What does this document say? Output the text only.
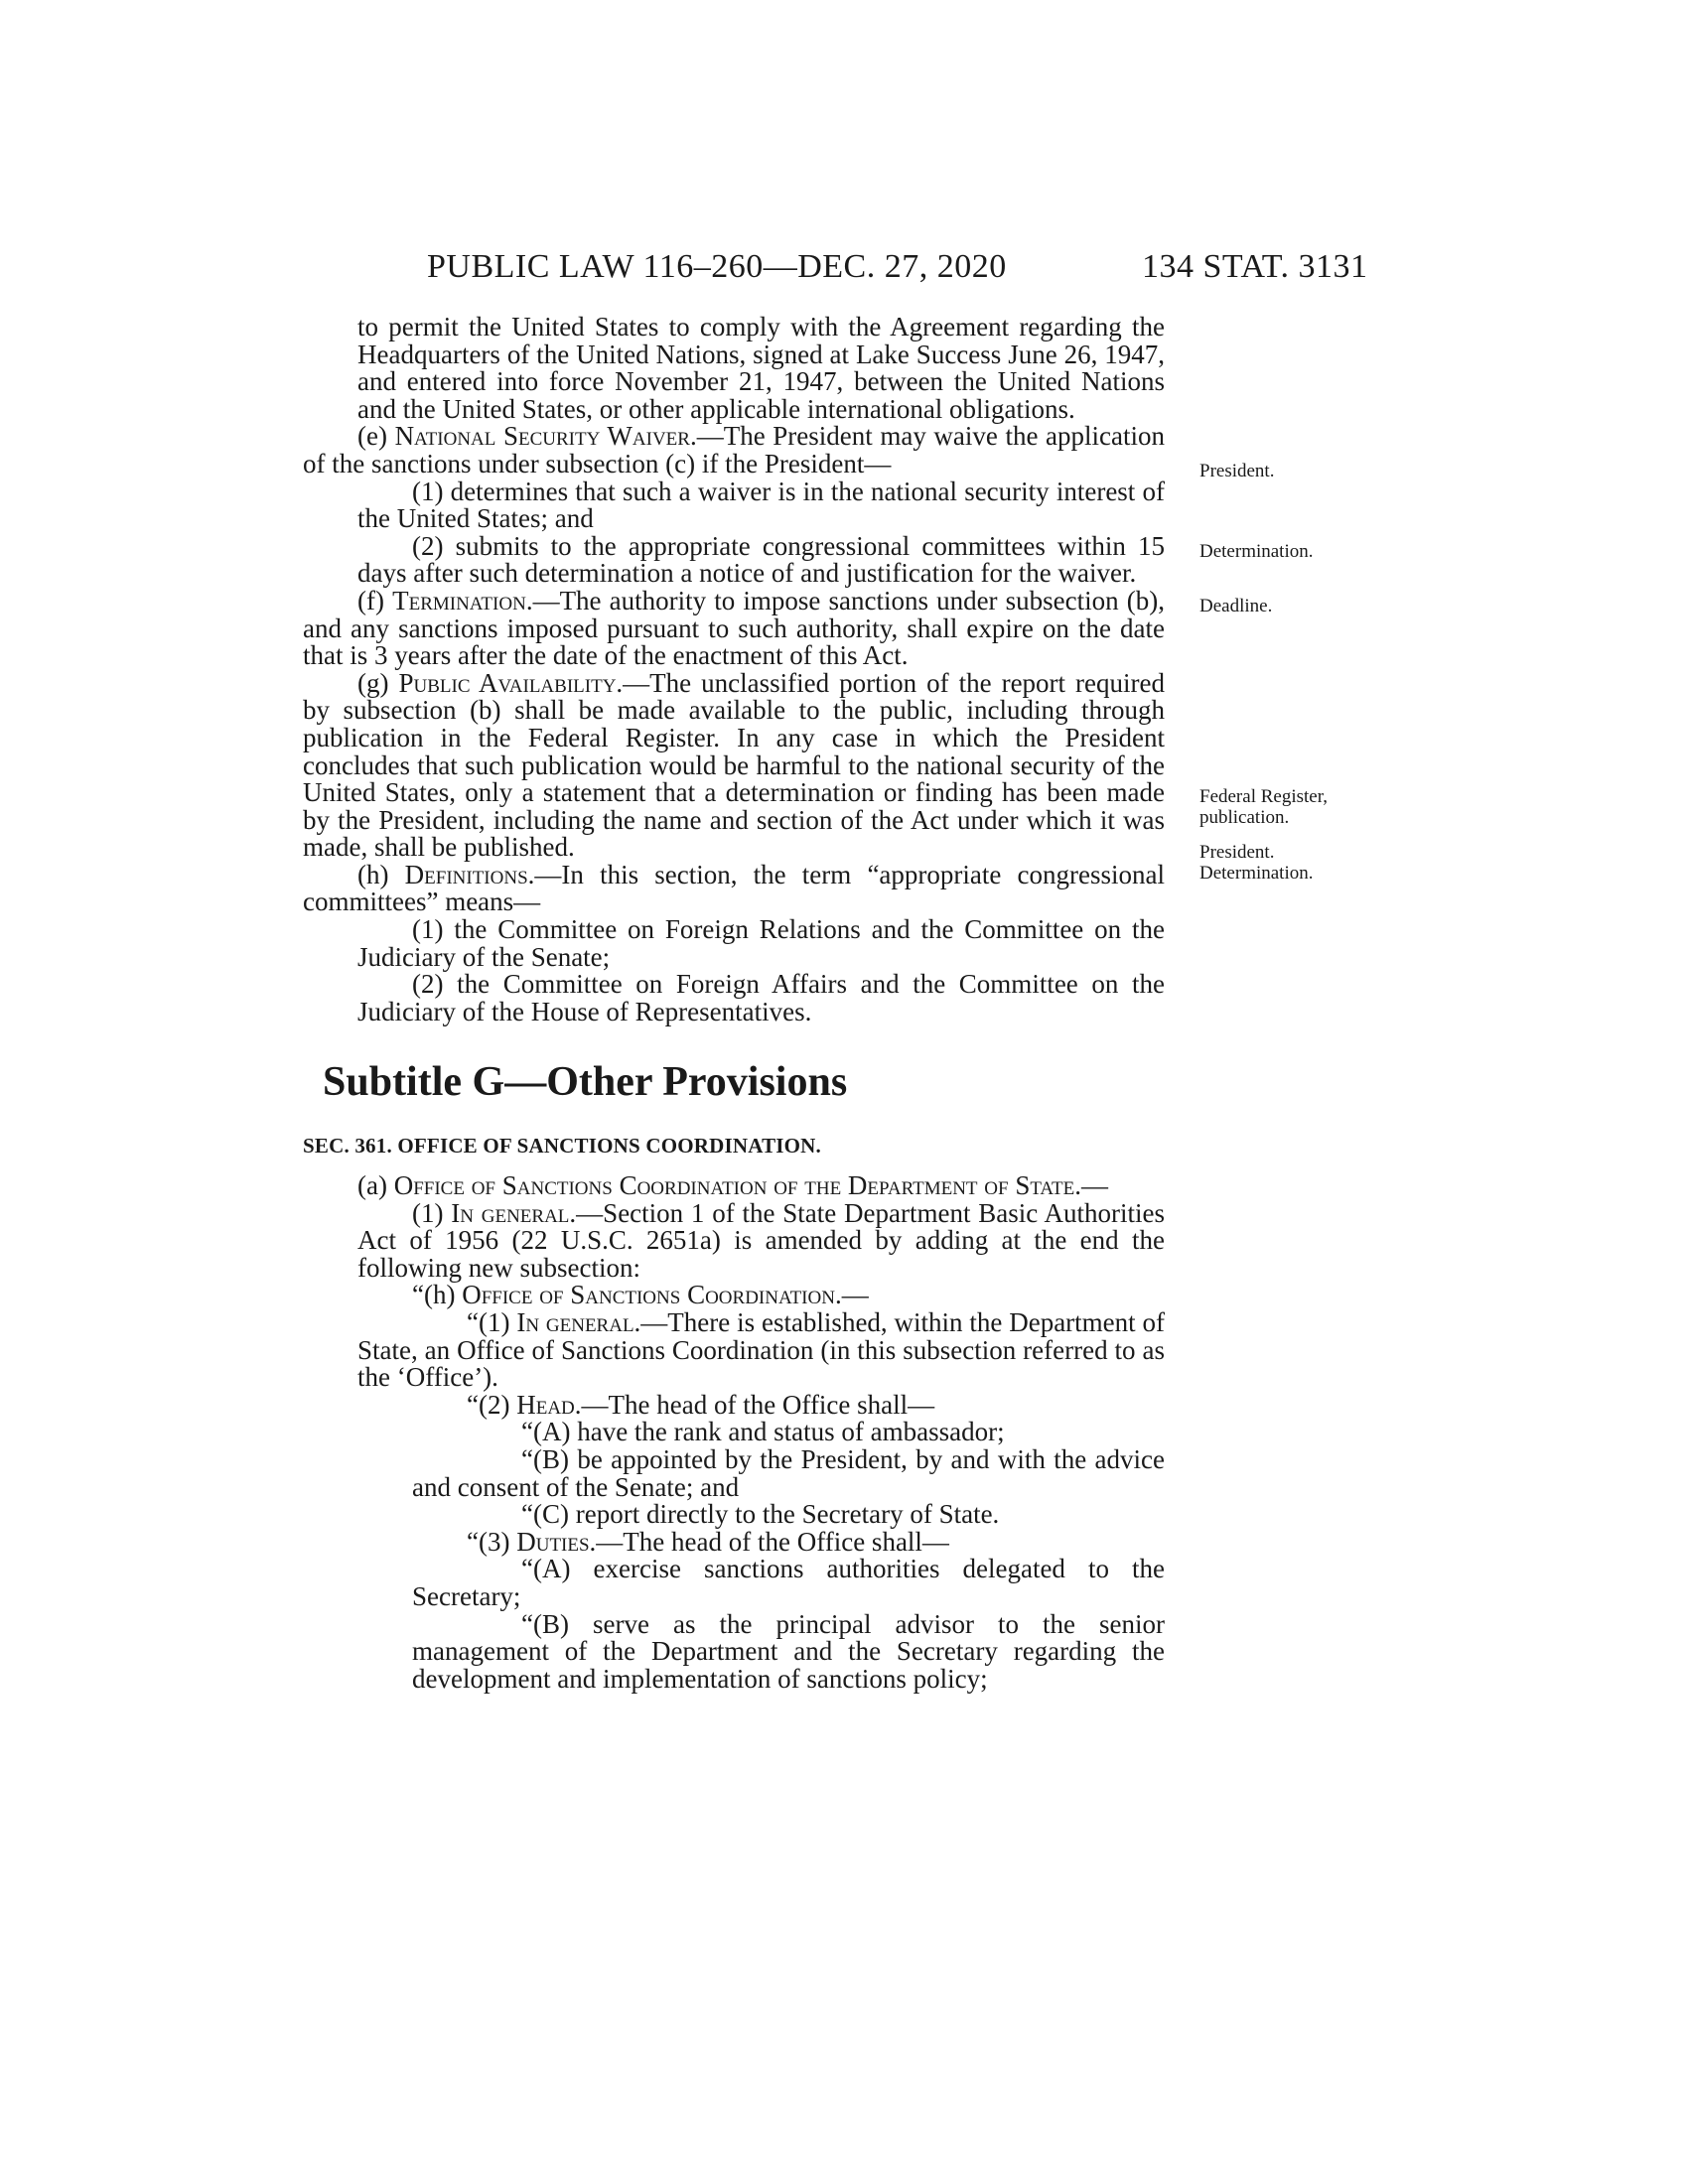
PUBLIC LAW 116–260—DEC. 27, 2020	134 STAT. 3131

to permit the United States to comply with the Agreement regarding the Headquarters of the United Nations, signed at Lake Success June 26, 1947, and entered into force November 21, 1947, between the United Nations and the United States, or other applicable international obligations.

(e) National Security Waiver.—The President may waive the application of the sanctions under subsection (c) if the President—

(1) determines that such a waiver is in the national security interest of the United States; and

(2) submits to the appropriate congressional committees within 15 days after such determination a notice of and justification for the waiver.

(f) Termination.—The authority to impose sanctions under subsection (b), and any sanctions imposed pursuant to such authority, shall expire on the date that is 3 years after the date of the enactment of this Act.

(g) Public Availability.—The unclassified portion of the report required by subsection (b) shall be made available to the public, including through publication in the Federal Register. In any case in which the President concludes that such publication would be harmful to the national security of the United States, only a statement that a determination or finding has been made by the President, including the name and section of the Act under which it was made, shall be published.

(h) Definitions.—In this section, the term “appropriate congressional committees” means—

(1) the Committee on Foreign Relations and the Committee on the Judiciary of the Senate;

(2) the Committee on Foreign Affairs and the Committee on the Judiciary of the House of Representatives.

Subtitle G—Other Provisions

SEC. 361. OFFICE OF SANCTIONS COORDINATION.

(a) Office of Sanctions Coordination of the Department of State.—

(1) In general.—Section 1 of the State Department Basic Authorities Act of 1956 (22 U.S.C. 2651a) is amended by adding at the end the following new subsection:

“(h) Office of Sanctions Coordination.—

“(1) In general.—There is established, within the Department of State, an Office of Sanctions Coordination (in this subsection referred to as the ‘Office’).

“(2) Head.—The head of the Office shall—

“(A) have the rank and status of ambassador;

“(B) be appointed by the President, by and with the advice and consent of the Senate; and

“(C) report directly to the Secretary of State.

“(3) Duties.—The head of the Office shall—

“(A) exercise sanctions authorities delegated to the Secretary;

“(B) serve as the principal advisor to the senior management of the Department and the Secretary regarding the development and implementation of sanctions policy;

President.
Determination.
Deadline.
Federal Register,
publication.
President.
Determination.
